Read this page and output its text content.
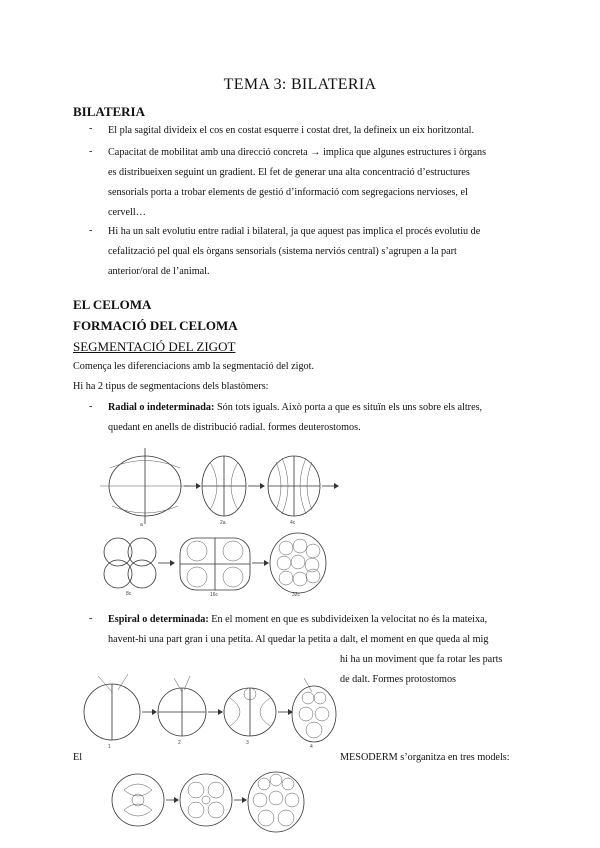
TEMA 3: BILATERIA
BILATERIA
- El pla sagital divideix el cos en costat esquerre i costat dret, la defineix un eix horitzontal.
- Capacitat de mobilitat amb una direcció concreta → implica que algunes estructures i òrgans
es distribueixen seguint un gradient. El fet de generar una alta concentració d’estructures
sensorials porta a trobar elements de gestió d’informació com segregacions nervioses, el
cervell…
- Hi ha un salt evolutiu entre radial i bilateral, ja que aquest pas implica el procés evolutiu de
cefalització pel qual els òrgans sensorials (sistema nerviós central) s’agrupen a la part
anterior/oral de l’animal.
EL CELOMA
FORMACIÓ DEL CELOMA
SEGMENTACIÓ DEL ZIGOT
Comença les diferenciacions amb la segmentació del zigot.
Hi ha 2 tipus de segmentacions dels blastòmers:
- Radial o indeterminada: Són tots iguals. Això porta a que es situïn els uns sobre els altres,
quedant en anells de distribució radial. formes deuterostomos.
a	2a	4c
8c	16c	32c
- Espiral o determinada: En el moment en que es subdivideixen la velocitat no és la mateixa,
havent-hi una part gran i una petita. Al quedar la petita a dalt, el moment en que queda al mig
hi ha un moviment que fa rotar les parts
de dalt. Formes protostomos
1
2	3
4
El	MESODERM s’organitza en tres models:
